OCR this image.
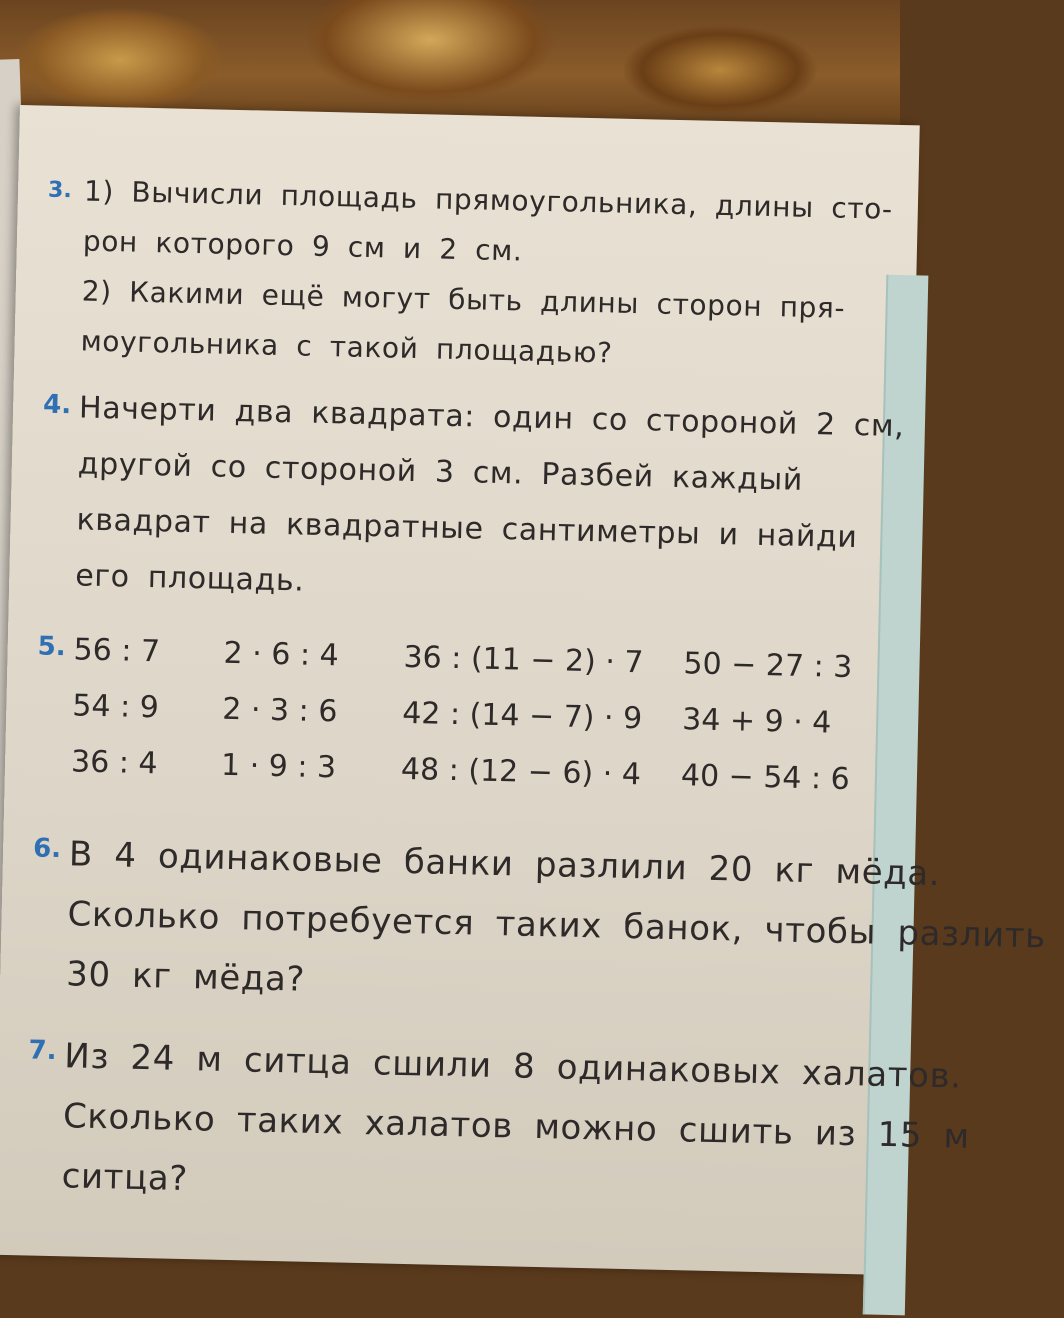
3. 1) Вычисли площадь прямоугольника, длины сто-
рон которого 9 см и 2 см.
2) Какими ещё могут быть длины сторон пря-
моугольника с такой площадью?
4. Начерти два квадрата: один со стороной 2 см,
другой со стороной 3 см. Разбей каждый
квадрат на квадратные сантиметры и найди
его площадь.
5. 56 : 7	2 · 6 : 4	36 : (11 − 2) · 7	50 − 27 : 3
54 : 9	2 · 3 : 6	42 : (14 − 7) · 9	34 + 9 · 4
36 : 4	1 · 9 : 3	48 : (12 − 6) · 4	40 − 54 : 6
6. В 4 одинаковые банки разлили 20 кг мёда.
Сколько потребуется таких банок, чтобы разлить
30 кг мёда?
7. Из 24 м ситца сшили 8 одинаковых халатов.
Сколько таких халатов можно сшить из 15 м
ситца?
